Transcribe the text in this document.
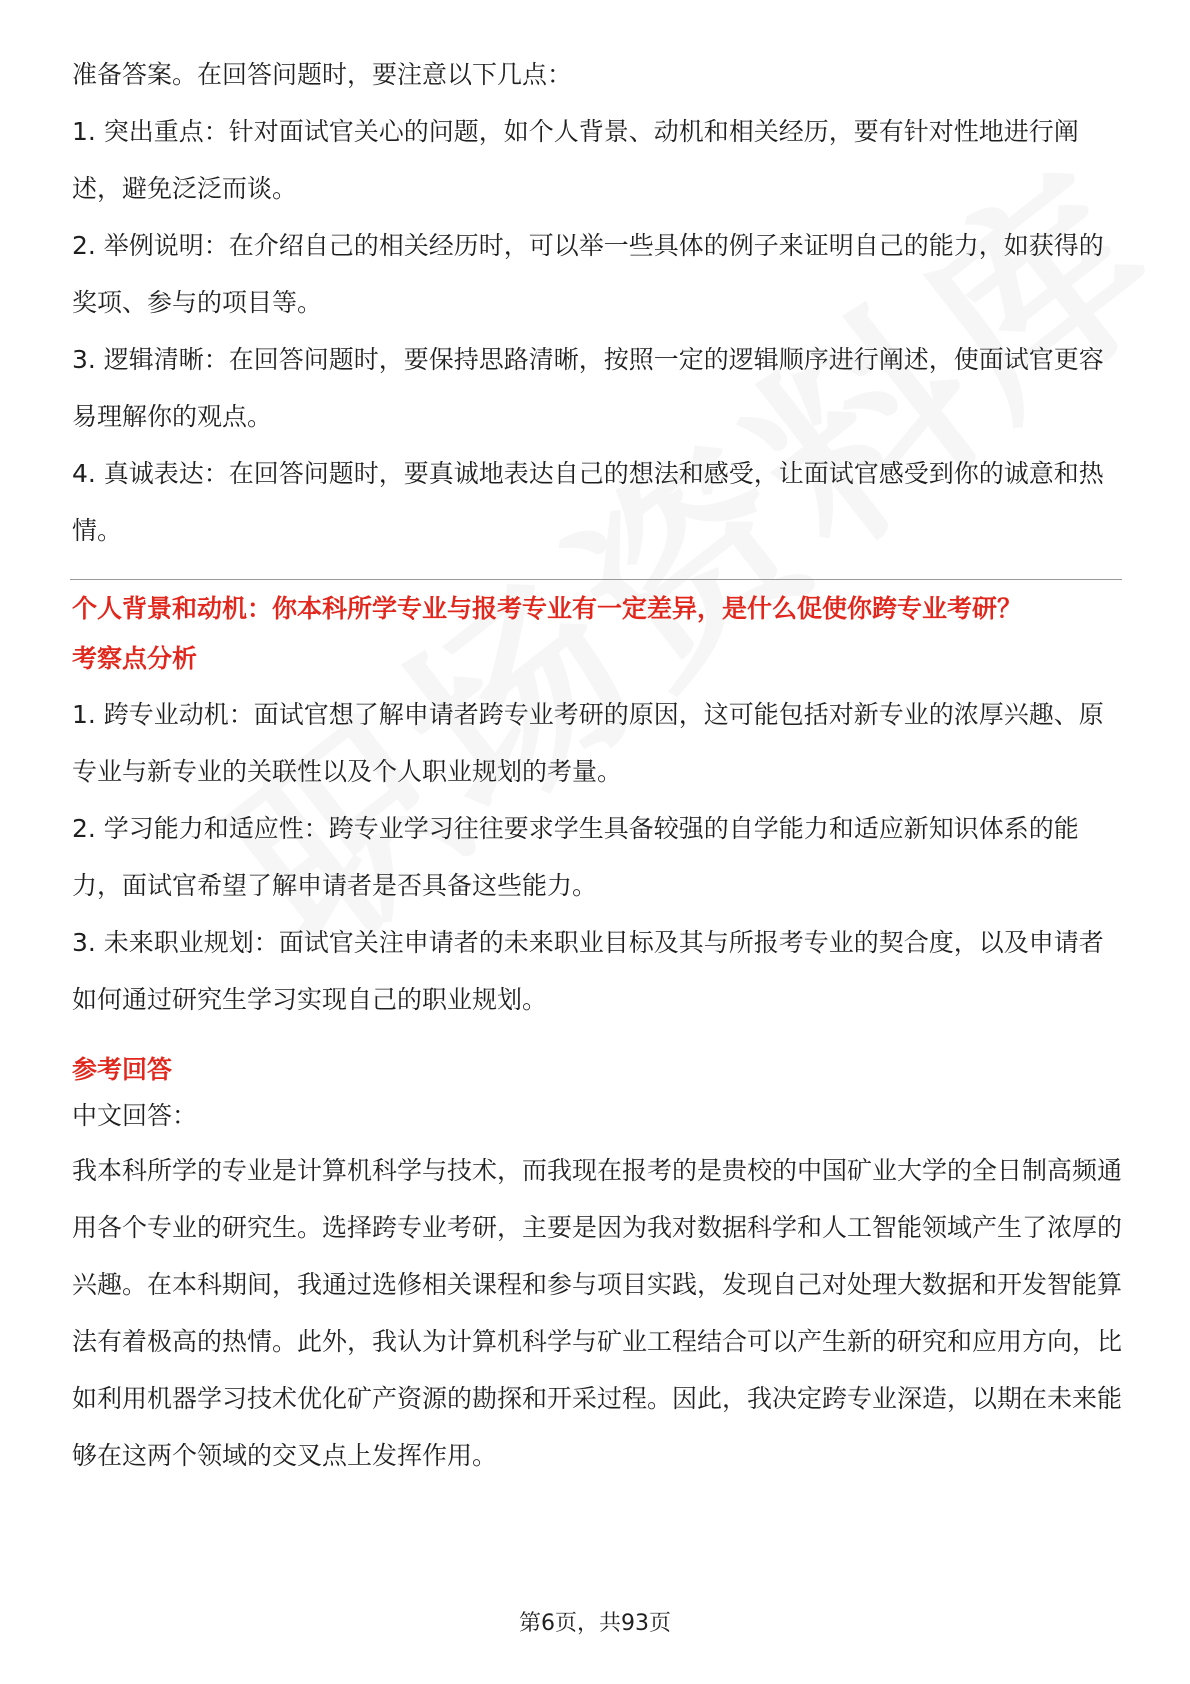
准备答案。在回答问题时，要注意以下几点：

1. 突出重点：针对面试官关心的问题，如个人背景、动机和相关经历，要有针对性地进行阐述，避免泛泛而谈。

2. 举例说明：在介绍自己的相关经历时，可以举一些具体的例子来证明自己的能力，如获得的奖项、参与的项目等。

3. 逻辑清晰：在回答问题时，要保持思路清晰，按照一定的逻辑顺序进行阐述，使面试官更容易理解你的观点。

4. 真诚表达：在回答问题时，要真诚地表达自己的想法和感受，让面试官感受到你的诚意和热情。

个人背景和动机：你本科所学专业与报考专业有一定差异，是什么促使你跨专业考研？
考察点分析

1. 跨专业动机：面试官想了解申请者跨专业考研的原因，这可能包括对新专业的浓厚兴趣、原专业与新专业的关联性以及个人职业规划的考量。

2. 学习能力和适应性：跨专业学习往往要求学生具备较强的自学能力和适应新知识体系的能力，面试官希望了解申请者是否具备这些能力。

3. 未来职业规划：面试官关注申请者的未来职业目标及其与所报考专业的契合度，以及申请者如何通过研究生学习实现自己的职业规划。

参考回答
中文回答：

我本科所学的专业是计算机科学与技术，而我现在报考的是贵校的中国矿业大学的全日制高频通用各个专业的研究生。选择跨专业考研，主要是因为我对数据科学和人工智能领域产生了浓厚的兴趣。在本科期间，我通过选修相关课程和参与项目实践，发现自己对处理大数据和开发智能算法有着极高的热情。此外，我认为计算机科学与矿业工程结合可以产生新的研究和应用方向，比如利用机器学习技术优化矿产资源的勘探和开采过程。因此，我决定跨专业深造，以期在未来能够在这两个领域的交叉点上发挥作用。

第6页，共93页
